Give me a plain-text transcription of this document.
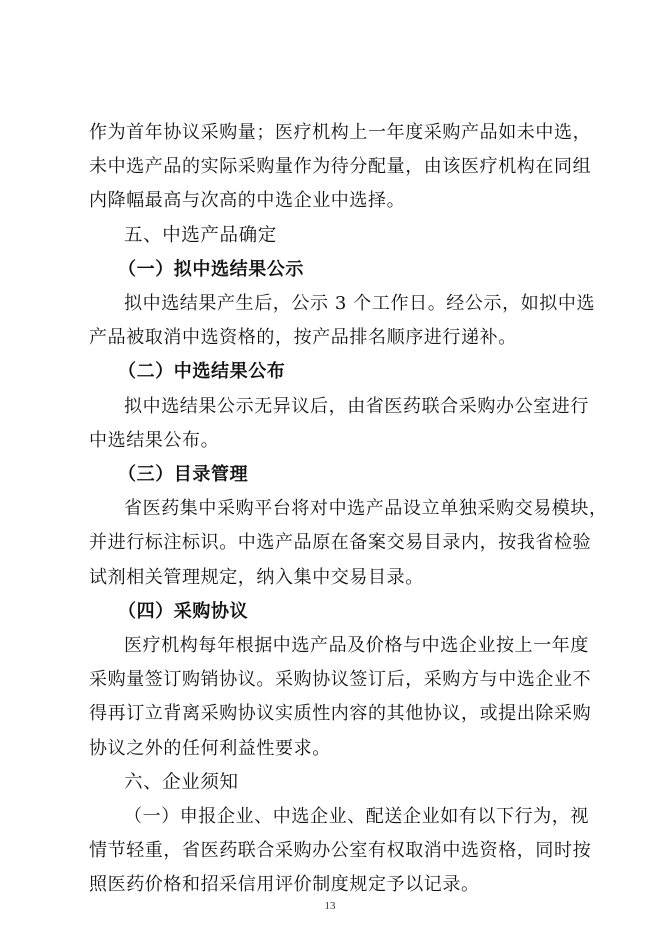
作为首年协议采购量；医疗机构上一年度采购产品如未中选，
未中选产品的实际采购量作为待分配量，由该医疗机构在同组
内降幅最高与次高的中选企业中选择。
五、中选产品确定
（一）拟中选结果公示
拟中选结果产生后，公示 3 个工作日。经公示，如拟中选
产品被取消中选资格的，按产品排名顺序进行递补。
（二）中选结果公布
拟中选结果公示无异议后，由省医药联合采购办公室进行
中选结果公布。
（三）目录管理
省医药集中采购平台将对中选产品设立单独采购交易模块，
并进行标注标识。中选产品原在备案交易目录内，按我省检验
试剂相关管理规定，纳入集中交易目录。
（四）采购协议
医疗机构每年根据中选产品及价格与中选企业按上一年度
采购量签订购销协议。采购协议签订后，采购方与中选企业不
得再订立背离采购协议实质性内容的其他协议，或提出除采购
协议之外的任何利益性要求。
六、企业须知
（一）申报企业、中选企业、配送企业如有以下行为，视
13
情节轻重，省医药联合采购办公室有权取消中选资格，同时按
照医药价格和招采信用评价制度规定予以记录。
